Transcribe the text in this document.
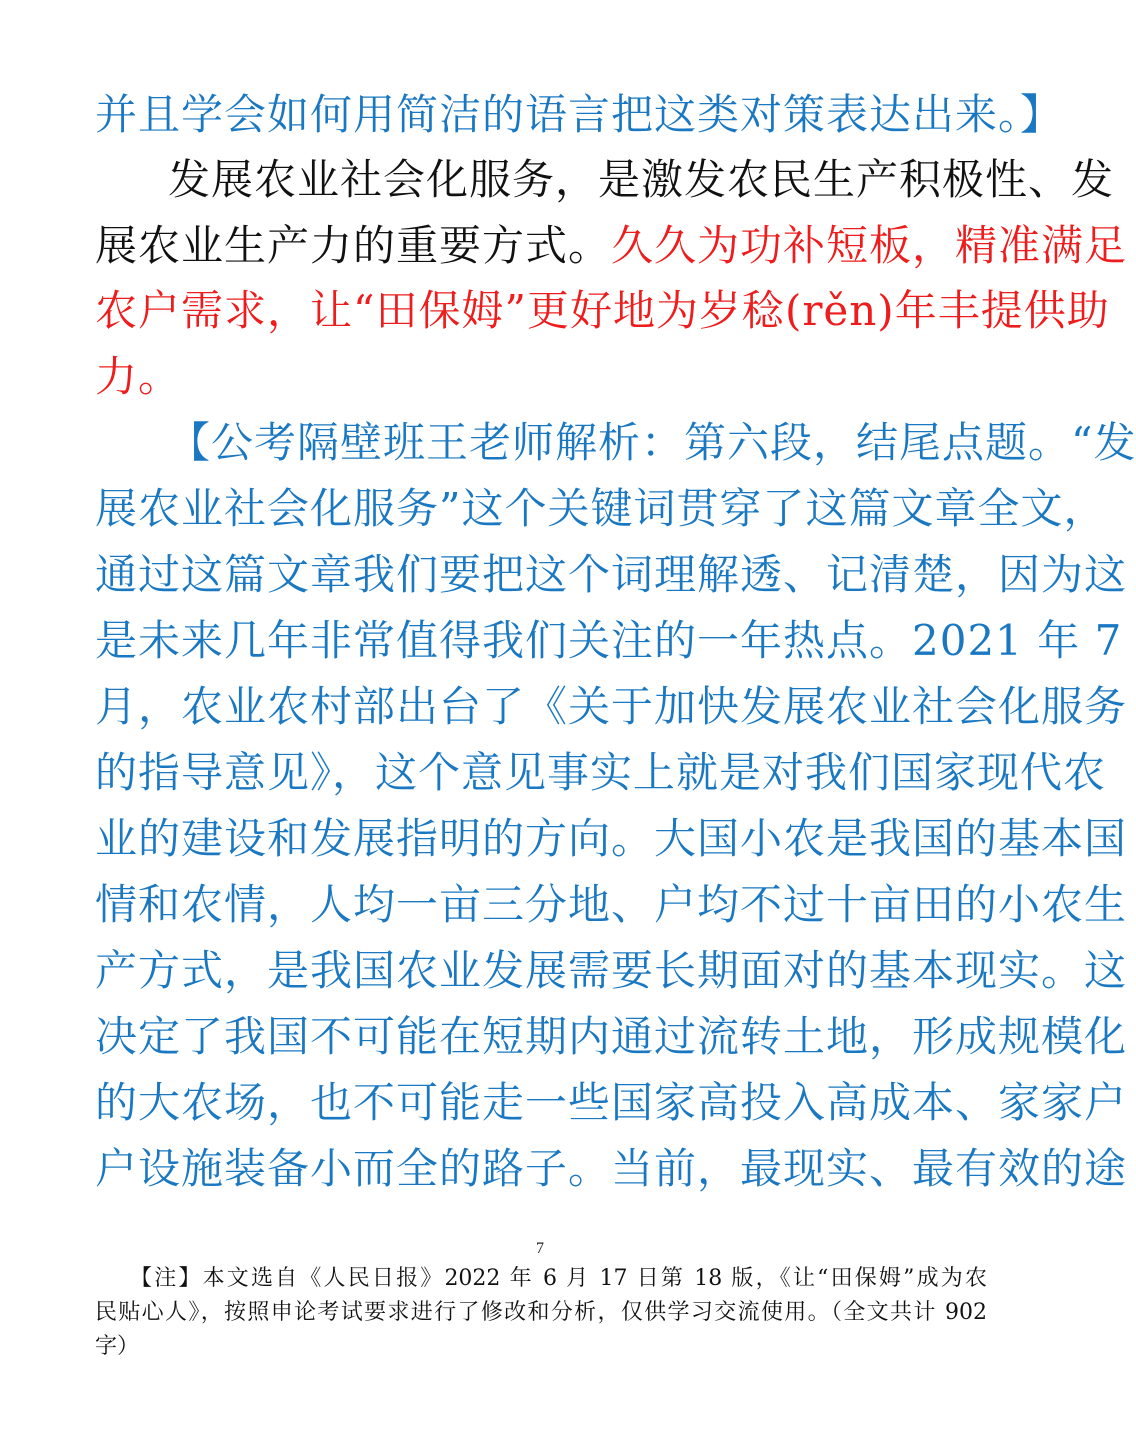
并且学会如何用简洁的语言把这类对策表达出来。】
发展农业社会化服务，是激发农民生产积极性、发
展农业生产力的重要方式。久久为功补短板，精准满足
农户需求，让“田保姆”更好地为岁稔(rěn)年丰提供助
力。
【公考隔壁班王老师解析：第六段，结尾点题。“发
展农业社会化服务”这个关键词贯穿了这篇文章全文，
通过这篇文章我们要把这个词理解透、记清楚，因为这
是未来几年非常值得我们关注的一年热点。2021 年 7
月，农业农村部出台了《关于加快发展农业社会化服务
的指导意见》，这个意见事实上就是对我们国家现代农
业的建设和发展指明的方向。大国小农是我国的基本国
情和农情，人均一亩三分地、户均不过十亩田的小农生
产方式，是我国农业发展需要长期面对的基本现实。这
决定了我国不可能在短期内通过流转土地，形成规模化
的大农场，也不可能走一些国家高投入高成本、家家户
户设施装备小而全的路子。当前，最现实、最有效的途
7
【注】本文选自《人民日报》2022 年 6 月 17 日第 18 版，《让“田保姆”成为农
民贴心人》，按照申论考试要求进行了修改和分析，仅供学习交流使用。（全文共计 902
字）
